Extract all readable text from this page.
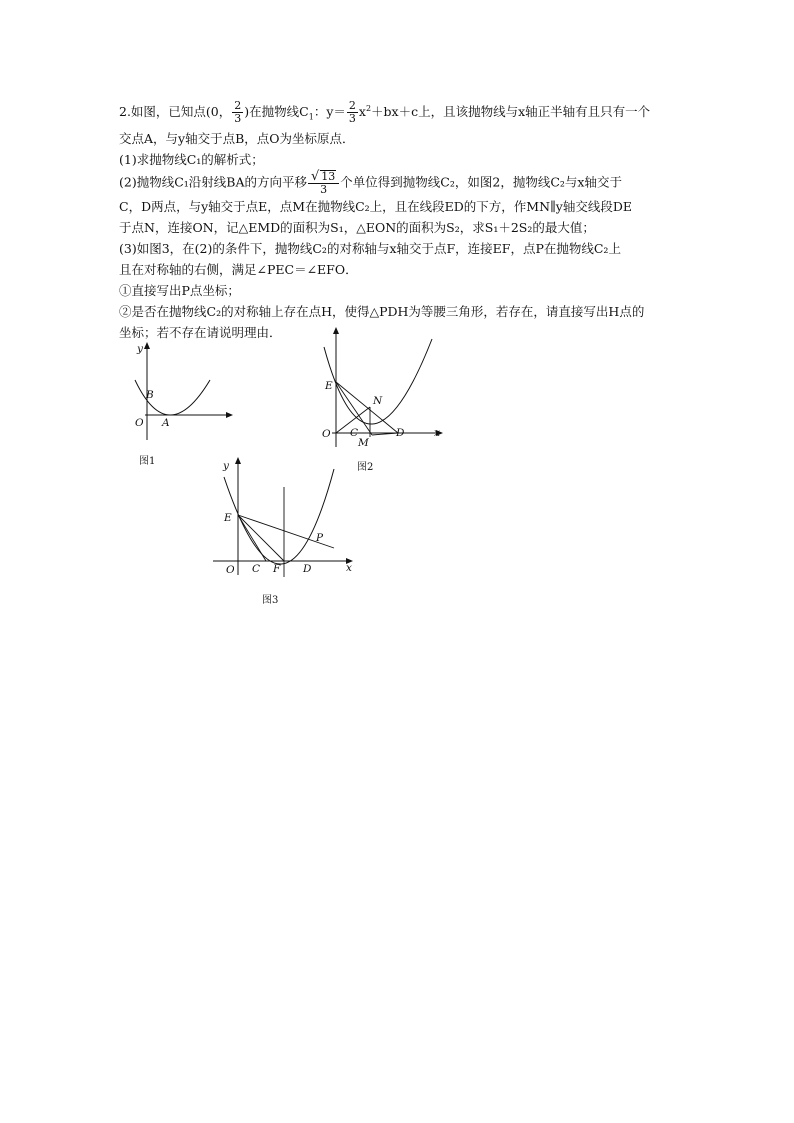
2.如图，已知点(0， $\frac{2}{3}$ )在抛物线$C_1$：$y= \frac{2}{3} x^2+bx+c$上，且该抛物线与x轴正半轴有且只有一个
交点A，与y轴交于点B，点O为坐标原点．
(1)求抛物线C₁的解析式；
(2)抛物线C₁沿射线BA的方向平移 $\frac{√ 13}{3}$ 个单位得到抛物线C₂，如图2，抛物线C₂与x轴交于
C，D两点，与y轴交于点E，点M在抛物线C₂上，且在线段ED的下方，作MN∥y轴交线段DE
于点N，连接ON，记△EMD的面积为S₁，△EON的面积为S₂，求S₁＋2S₂的最大值；
(3)如图3，在(2)的条件下，抛物线C₂的对称轴与x轴交于点F，连接EF，点P在抛物线C₂上
且在对称轴的右侧，满足∠PEC＝∠EFO．
①直接写出P点坐标；
②是否在抛物线C₂的对称轴上存在点H，使得△PDH为等腰三角形，若存在，请直接写出H点的
坐标；若不存在请说明理由．
y
B
O A
图1
E
N
O C
M
D	x
图2
E
P
O C F D	x
y
图3
